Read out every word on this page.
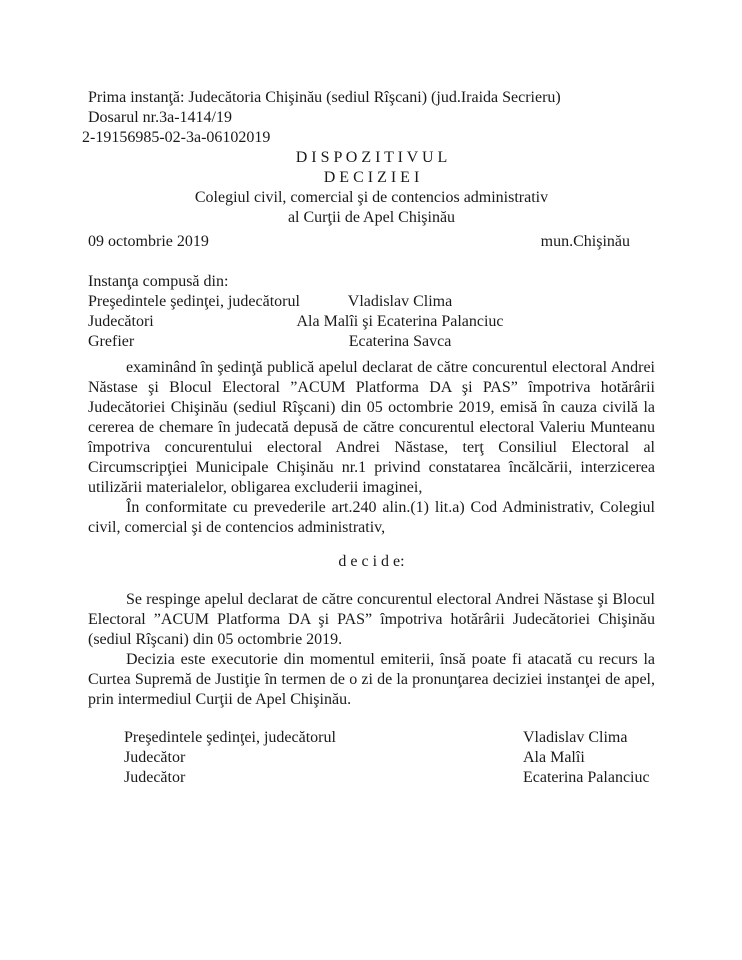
Prima instanţă: Judecătoria Chişinău (sediul Rîşcani) (jud.Iraida Secrieru)
Dosarul nr.3a-1414/19
2-19156985-02-3a-06102019
D I S P O Z I T I V U L
D E C I Z I E I
Colegiul civil, comercial şi de contencios administrativ
al Curţii de Apel Chişinău
09 octombrie 2019	mun.Chişinău
Instanţa compusă din:
Preşedintele şedinţei, judecătorul	Vladislav Clima
Judecători	Ala Malîi şi Ecaterina Palanciuc
Grefier	Ecaterina Savca

examinând în şedinţă publică apelul declarat de către concurentul electoral Andrei Năstase şi Blocul Electoral ”ACUM Platforma DA şi PAS” împotriva hotărârii Judecătoriei Chişinău (sediul Rîşcani) din 05 octombrie 2019, emisă în cauza civilă la cererea de chemare în judecată depusă de către concurentul electoral Valeriu Munteanu împotriva concurentului electoral Andrei Năstase, terţ Consiliul Electoral al Circumscripţiei Municipale Chişinău nr.1 privind constatarea încălcării, interzicerea utilizării materialelor, obligarea excluderii imaginei,

În conformitate cu prevederile art.240 alin.(1) lit.a) Cod Administrativ, Colegiul civil, comercial şi de contencios administrativ,

d e c i d e:

Se respinge apelul declarat de către concurentul electoral Andrei Năstase şi Blocul Electoral ”ACUM Platforma DA şi PAS” împotriva hotărârii Judecătoriei Chişinău (sediul Rîşcani) din 05 octombrie 2019.

Decizia este executorie din momentul emiterii, însă poate fi atacată cu recurs la Curtea Supremă de Justiţie în termen de o zi de la pronunţarea deciziei instanţei de apel, prin intermediul Curţii de Apel Chişinău.

Preşedintele şedinţei, judecătorul	Vladislav Clima
Judecător	Ala Malîi
Judecător	Ecaterina Palanciuc
